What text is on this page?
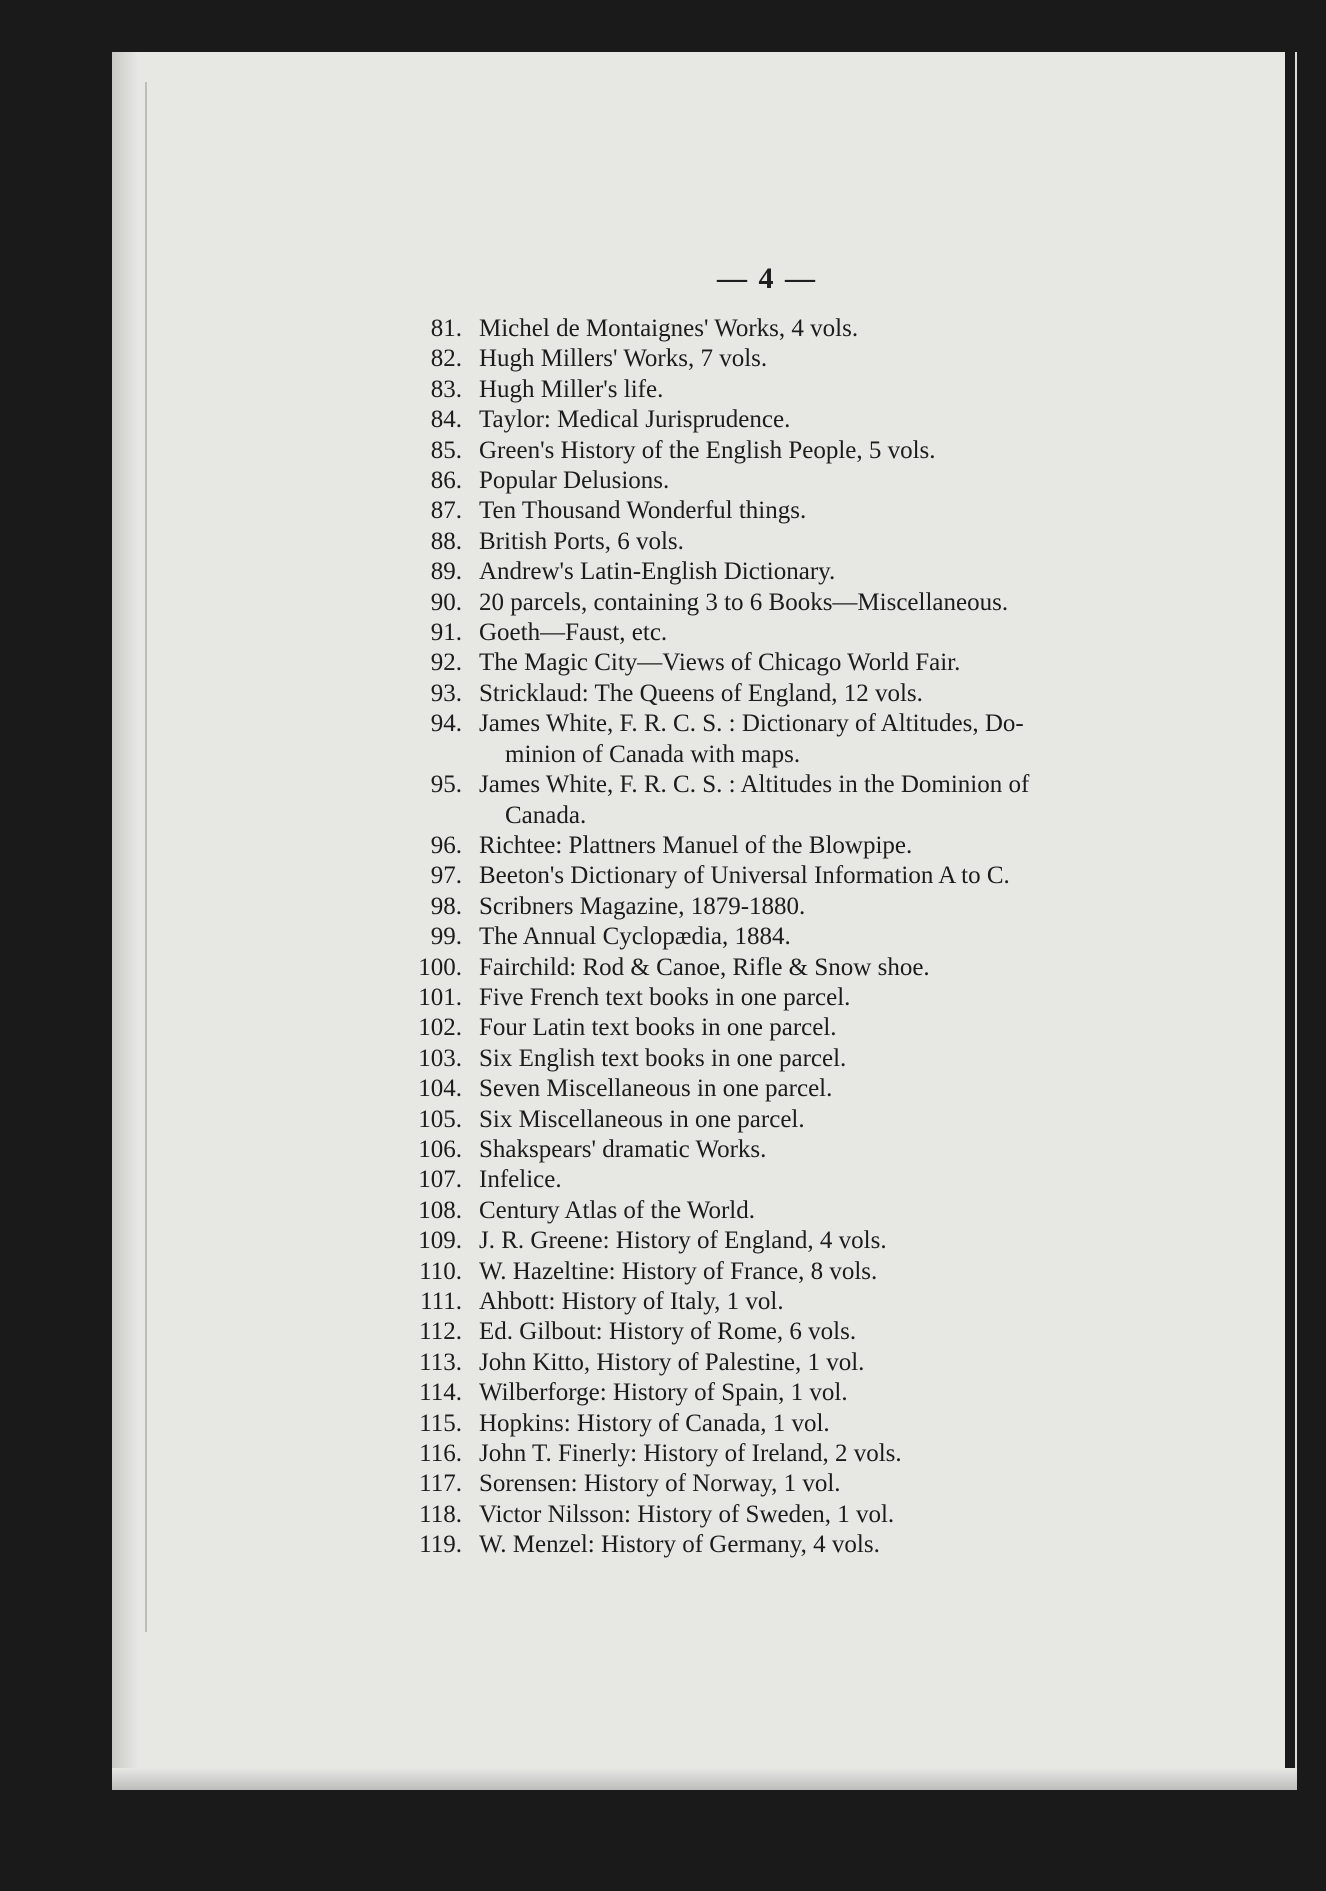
— 4 —
81. Michel de Montaignes' Works, 4 vols.
82. Hugh Millers' Works, 7 vols.
83. Hugh Miller's life.
84. Taylor: Medical Jurisprudence.
85. Green's History of the English People, 5 vols.
86. Popular Delusions.
87. Ten Thousand Wonderful things.
88. British Ports, 6 vols.
89. Andrew's Latin-English Dictionary.
90. 20 parcels, containing 3 to 6 Books—Miscellaneous.
91. Goeth—Faust, etc.
92. The Magic City—Views of Chicago World Fair.
93. Stricklaud: The Queens of England, 12 vols.
94. James White, F. R. C. S. : Dictionary of Altitudes, Do-
minion of Canada with maps.
95. James White, F. R. C. S. : Altitudes in the Dominion of
Canada.
96. Richtee: Plattners Manuel of the Blowpipe.
97. Beeton's Dictionary of Universal Information A to C.
98. Scribners Magazine, 1879-1880.
99. The Annual Cyclopædia, 1884.
100. Fairchild: Rod & Canoe, Rifle & Snow shoe.
101. Five French text books in one parcel.
102. Four Latin text books in one parcel.
103. Six English text books in one parcel.
104. Seven Miscellaneous in one parcel.
105. Six Miscellaneous in one parcel.
106. Shakspears' dramatic Works.
107. Infelice.
108. Century Atlas of the World.
109. J. R. Greene: History of England, 4 vols.
110. W. Hazeltine: History of France, 8 vols.
111. Ahbott: History of Italy, 1 vol.
112. Ed. Gilbout: History of Rome, 6 vols.
113. John Kitto, History of Palestine, 1 vol.
114. Wilberforge: History of Spain, 1 vol.
115. Hopkins: History of Canada, 1 vol.
116. John T. Finerly: History of Ireland, 2 vols.
117. Sorensen: History of Norway, 1 vol.
118. Victor Nilsson: History of Sweden, 1 vol.
119. W. Menzel: History of Germany, 4 vols.
